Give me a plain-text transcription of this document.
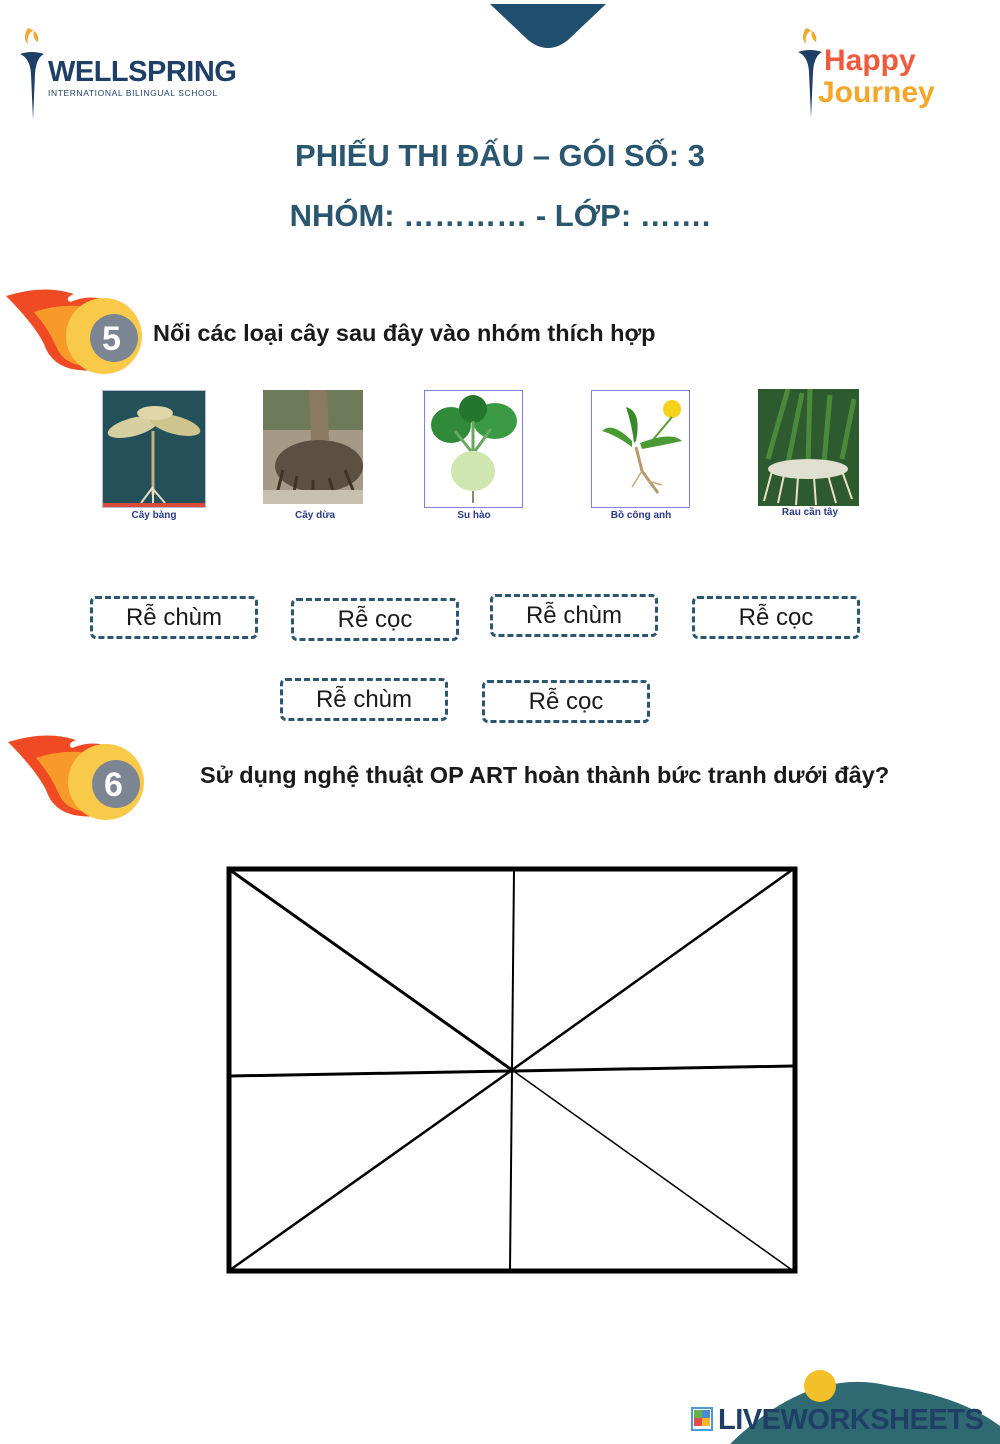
WELLSPRING
INTERNATIONAL BILINGUAL SCHOOL
Happy
Journey
PHIẾU THI ĐẤU – GÓI SỐ: 3
NHÓM: ………… - LỚP: …….
5 Nối các loại cây sau đây vào nhóm thích hợp
Cây bàng	Cây dừa	Su hào	Bồ công anh	Rau cần tây
Rễ chùm	Rễ cọc	Rễ chùm	Rễ cọc
Rễ chùm	Rễ cọc
6	Sử dụng nghệ thuật OP ART hoàn thành bức tranh dưới đây?
LIVEWORKSHEETS
